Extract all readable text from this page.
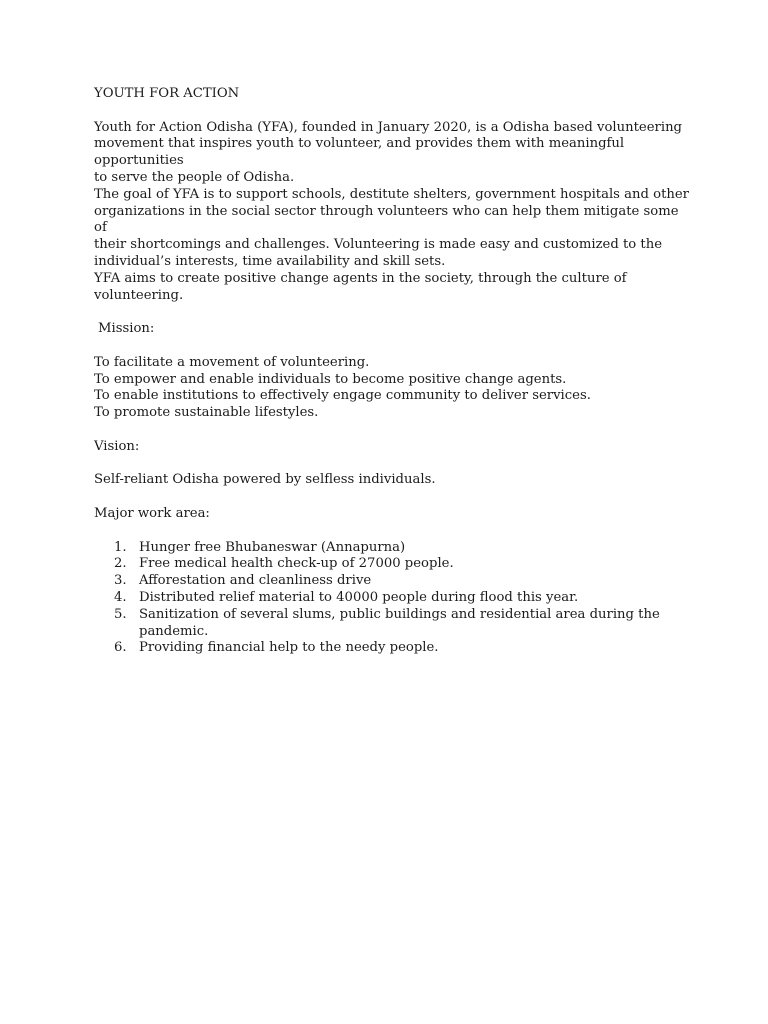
YOUTH FOR ACTION

Youth for Action Odisha (YFA), founded in January 2020, is a Odisha based volunteering
movement that inspires youth to volunteer, and provides them with meaningful opportunities
to serve the people of Odisha.
The goal of YFA is to support schools, destitute shelters, government hospitals and other
organizations in the social sector through volunteers who can help them mitigate some of
their shortcomings and challenges. Volunteering is made easy and customized to the
individual’s interests, time availability and skill sets.
YFA aims to create positive change agents in the society, through the culture of volunteering.

Mission:

To facilitate a movement of volunteering.
To empower and enable individuals to become positive change agents.
To enable institutions to effectively engage community to deliver services.
To promote sustainable lifestyles.

Vision:

Self-reliant Odisha powered by selfless individuals.

Major work area:

1. Hunger free Bhubaneswar (Annapurna)
2. Free medical health check-up of 27000 people.
3. Afforestation and cleanliness drive
4. Distributed relief material to 40000 people during flood this year.
5. Sanitization of several slums, public buildings and residential area during the
pandemic.
6. Providing financial help to the needy people.
